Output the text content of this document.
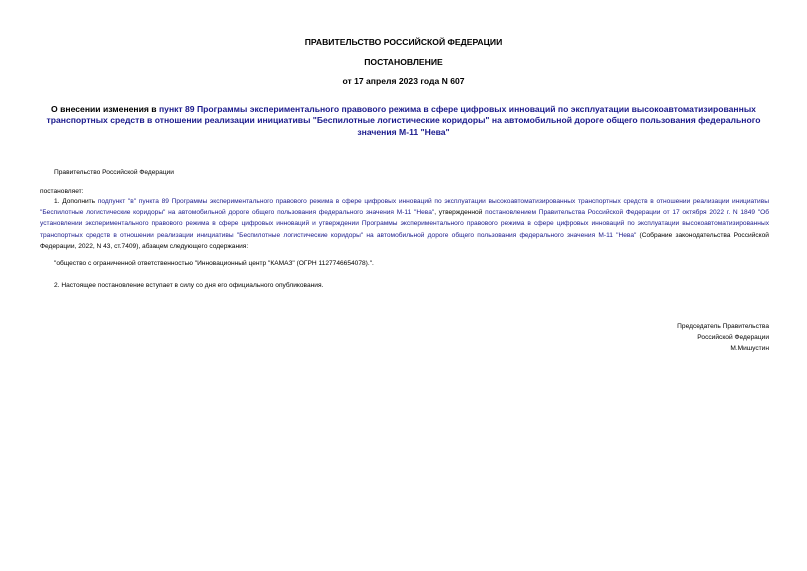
ПРАВИТЕЛЬСТВО РОССИЙСКОЙ ФЕДЕРАЦИИ
ПОСТАНОВЛЕНИЕ
от 17 апреля 2023 года N 607
О внесении изменения в пункт 89 Программы экспериментального правового режима в сфере цифровых инноваций по эксплуатации высокоавтоматизированных транспортных средств в отношении реализации инициативы "Беспилотные логистические коридоры" на автомобильной дороге общего пользования федерального значения М-11 "Нева"
Правительство Российской Федерации
постановляет:
1. Дополнить подпункт "в" пункта 89 Программы экспериментального правового режима в сфере цифровых инноваций по эксплуатации высокоавтоматизированных транспортных средств в отношении реализации инициативы "Беспилотные логистические коридоры" на автомобильной дороге общего пользования федерального значения М-11 "Нева", утвержденной постановлением Правительства Российской Федерации от 17 октября 2022 г. N 1849 "Об установлении экспериментального правового режима в сфере цифровых инноваций и утверждении Программы экспериментального правового режима в сфере цифровых инноваций по эксплуатации высокоавтоматизированных транспортных средств в отношении реализации инициативы "Беспилотные логистические коридоры" на автомобильной дороге общего пользования федерального значения М-11 "Нева" (Собрание законодательства Российской Федерации, 2022, N 43, ст.7409), абзацем следующего содержания:
"общество с ограниченной ответственностью "Инновационный центр "КАМАЗ" (ОГРН 1127746654078).".
2. Настоящее постановление вступает в силу со дня его официального опубликования.
Председатель Правительства
Российской Федерации
М.Мишустин
